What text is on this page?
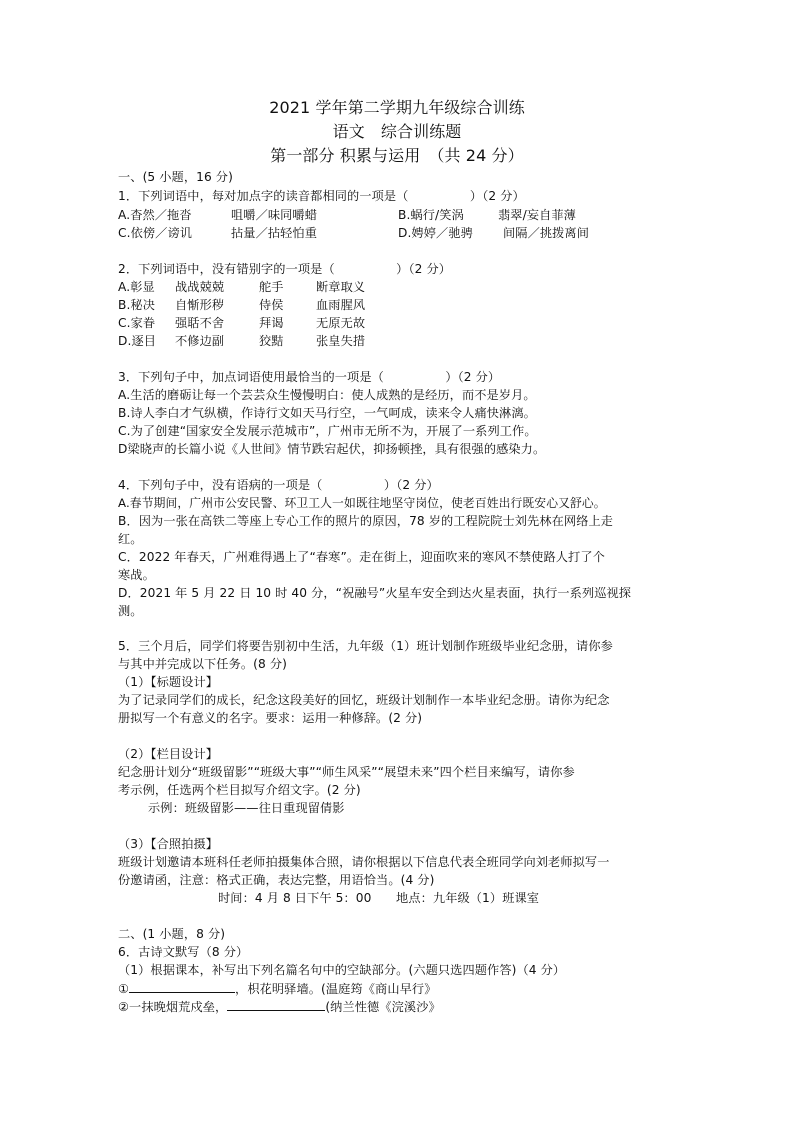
2021 学年第二学期九年级综合训练
语文　综合训练题
第一部分 积累与运用　（共 24 分）
一、(5 小题，16 分)
1．下列词语中，每对加点字的读音都相同的一项是（　　　　　）（2 分）
A.杳然／拖沓	咀嚼／味同嚼蜡	B.蜗行/笑涡	翡翠/妄自菲薄
C.依傍／谤讥	拈量／拈轻怕重	D.娉婷／驰骋 间隔／挑拨离间
2．下列词语中，没有错别字的一项是（　　　　　）（2 分）
A.彰显 战战兢兢	舵手	断章取义
B.秘决 自惭形秽	侍侯	血雨腥风
C.家眷 强聒不舍	拜谒	无原无故
D.逐目 不修边副	狡黠	张皇失措
3．下列句子中，加点词语使用最恰当的一项是（　　　　　）（2 分）
A.生活的磨砺让每一个芸芸众生慢慢明白：使人成熟的是经历，而不是岁月。
B.诗人李白才气纵横，作诗行文如天马行空，一气呵成，读来令人痛快淋漓。
C.为了创建“国家安全发展示范城市”，广州市无所不为，开展了一系列工作。
D梁晓声的长篇小说《人世间》情节跌宕起伏，抑扬顿挫，具有很强的感染力。
4．下列句子中，没有语病的一项是（　　　　　）（2 分）
A.春节期间，广州市公安民警、环卫工人一如既往地坚守岗位，使老百姓出行既安心又舒心。
B．因为一张在高铁二等座上专心工作的照片的原因，78 岁的工程院院士刘先林在网络上走
红。
C．2022 年春天，广州难得遇上了“春寒”。走在街上，迎面吹来的寒风不禁使路人打了个
寒战。
D．2021 年 5 月 22 日 10 时 40 分，“祝融号”火星车安全到达火星表面，执行一系列巡视探
测。
5．三个月后，同学们将要告别初中生活，九年级（1）班计划制作班级毕业纪念册，请你参
与其中并完成以下任务。(8 分)
（1）【标题设计】
为了记录同学们的成长，纪念这段美好的回忆，班级计划制作一本毕业纪念册。请你为纪念
册拟写一个有意义的名字。要求：运用一种修辞。(2 分)
（2）【栏目设计】
纪念册计划分“班级留影”“班级大事”“师生风采”“展望未来”四个栏目来编写，请你参
考示例，任选两个栏目拟写介绍文字。(2 分)
示例：班级留影——往日重现留倩影
（3）【合照拍摄】
班级计划邀请本班科任老师拍摄集体合照，请你根据以下信息代表全班同学向刘老师拟写一
份邀请函，注意：格式正确，表达完整，用语恰当。(4 分)
时间：4 月 8 日下午 5：00　　地点：九年级（1）班课室
二、(1 小题，8 分)
6．古诗文默写（8 分）
（1）根据课本，补写出下列名篇名句中的空缺部分。(六题只选四题作答)（4 分）
①	，枳花明驿墙。(温庭筠《商山早行》
②一抹晚烟荒戍垒，	(纳兰性德《浣溪沙》
